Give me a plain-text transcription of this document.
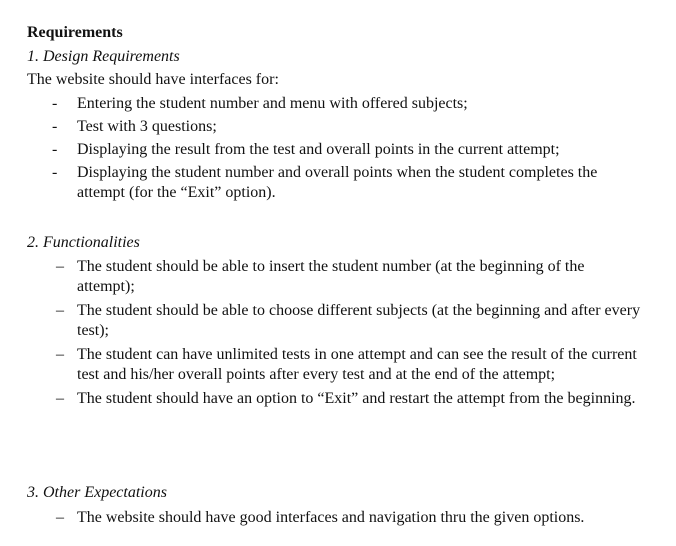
Requirements
1. Design Requirements
The website should have interfaces for:
- Entering the student number and menu with offered subjects;
- Test with 3 questions;
- Displaying the result from the test and overall points in the current attempt;
- Displaying the student number and overall points when the student completes the attempt (for the “Exit” option).
2. Functionalities
– The student should be able to insert the student number (at the beginning of the attempt);
– The student should be able to choose different subjects (at the beginning and after every test);
– The student can have unlimited tests in one attempt and can see the result of the current test and his/her overall points after every test and at the end of the attempt;
– The student should have an option to “Exit” and restart the attempt from the beginning.
3. Other Expectations
– The website should have good interfaces and navigation thru the given options.
